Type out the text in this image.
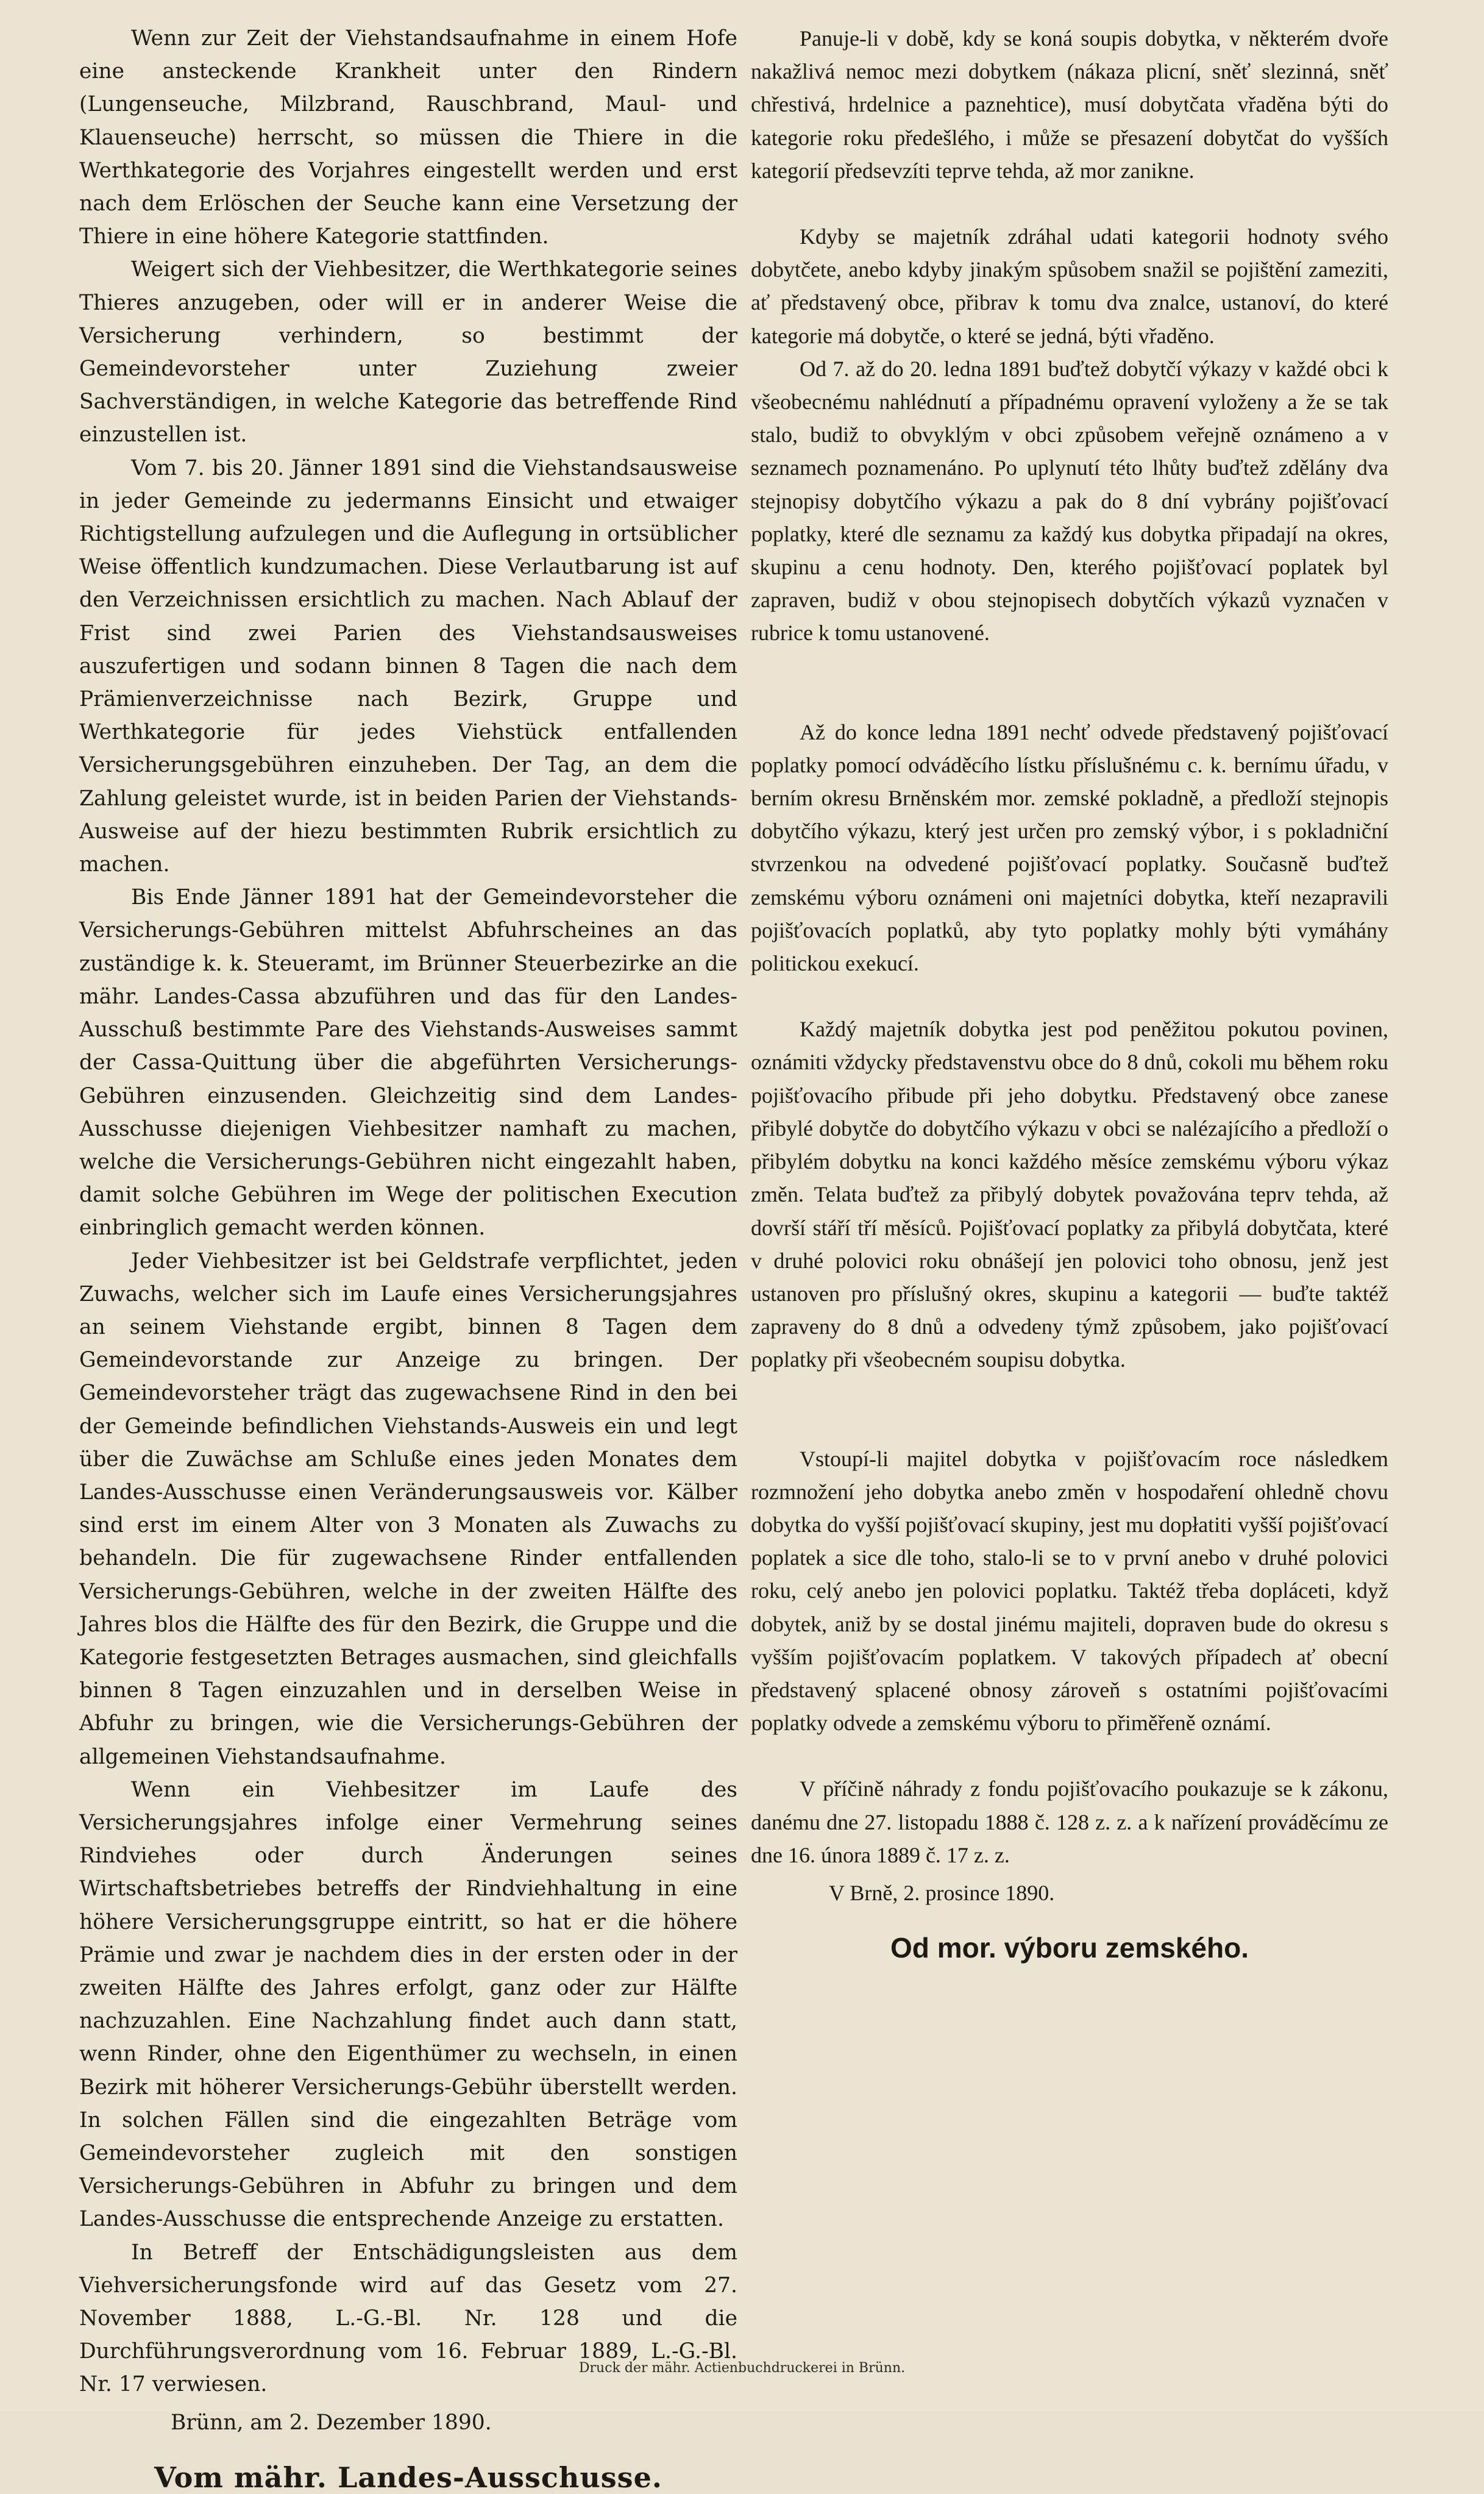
Wenn zur Zeit der Viehstandsaufnahme in einem Hofe eine ansteckende Krankheit unter den Rindern (Lungenseuche, Milzbrand, Rauschbrand, Maul- und Klauenseuche) herrscht, so müssen die Thiere in die Werthkategorie des Vorjahres eingestellt werden und erst nach dem Erlöschen der Seuche kann eine Versetzung der Thiere in eine höhere Kategorie stattfinden.

Weigert sich der Viehbesitzer, die Werthkategorie seines Thieres anzugeben, oder will er in anderer Weise die Versicherung verhindern, so bestimmt der Gemeindevorsteher unter Zuziehung zweier Sachverständigen, in welche Kategorie das betreffende Rind einzustellen ist.

Vom 7. bis 20. Jänner 1891 sind die Viehstandsausweise in jeder Gemeinde zu jedermanns Einsicht und etwaiger Richtigstellung aufzulegen und die Auflegung in ortsüblicher Weise öffentlich kundzumachen. Diese Verlautbarung ist auf den Verzeichnissen ersichtlich zu machen. Nach Ablauf der Frist sind zwei Parien des Viehstandsausweises auszufertigen und sodann binnen 8 Tagen die nach dem Prämienverzeichnisse nach Bezirk, Gruppe und Werthkategorie für jedes Viehstück entfallenden Versicherungsgebühren einzuheben. Der Tag, an dem die Zahlung geleistet wurde, ist in beiden Parien der Viehstands-Ausweise auf der hiezu bestimmten Rubrik ersichtlich zu machen.

Bis Ende Jänner 1891 hat der Gemeindevorsteher die Versicherungs-Gebühren mittelst Abfuhrscheines an das zuständige k. k. Steueramt, im Brünner Steuerbezirke an die mähr. Landes-Cassa abzuführen und das für den Landes-Ausschuß bestimmte Pare des Viehstands-Ausweises sammt der Cassa-Quittung über die abgeführten Versicherungs-Gebühren einzusenden. Gleichzeitig sind dem Landes-Ausschusse diejenigen Viehbesitzer namhaft zu machen, welche die Versicherungs-Gebühren nicht eingezahlt haben, damit solche Gebühren im Wege der politischen Execution einbringlich gemacht werden können.

Jeder Viehbesitzer ist bei Geldstrafe verpflichtet, jeden Zuwachs, welcher sich im Laufe eines Versicherungsjahres an seinem Viehstande ergibt, binnen 8 Tagen dem Gemeindevorstande zur Anzeige zu bringen. Der Gemeindevorsteher trägt das zugewachsene Rind in den bei der Gemeinde befindlichen Viehstands-Ausweis ein und legt über die Zuwächse am Schluße eines jeden Monates dem Landes-Ausschusse einen Veränderungsausweis vor. Kälber sind erst im einem Alter von 3 Monaten als Zuwachs zu behandeln. Die für zugewachsene Rinder entfallenden Versicherungs-Gebühren, welche in der zweiten Hälfte des Jahres blos die Hälfte des für den Bezirk, die Gruppe und die Kategorie festgesetzten Betrages ausmachen, sind gleichfalls binnen 8 Tagen einzuzahlen und in derselben Weise in Abfuhr zu bringen, wie die Versicherungs-Gebühren der allgemeinen Viehstandsaufnahme.

Wenn ein Viehbesitzer im Laufe des Versicherungsjahres infolge einer Vermehrung seines Rindviehes oder durch Änderungen seines Wirtschaftsbetriebes betreffs der Rindviehhaltung in eine höhere Versicherungsgruppe eintritt, so hat er die höhere Prämie und zwar je nachdem dies in der ersten oder in der zweiten Hälfte des Jahres erfolgt, ganz oder zur Hälfte nachzuzahlen. Eine Nachzahlung findet auch dann statt, wenn Rinder, ohne den Eigenthümer zu wechseln, in einen Bezirk mit höherer Versicherungs-Gebühr überstellt werden. In solchen Fällen sind die eingezahlten Beträge vom Gemeindevorsteher zugleich mit den sonstigen Versicherungs-Gebühren in Abfuhr zu bringen und dem Landes-Ausschusse die entsprechende Anzeige zu erstatten.

In Betreff der Entschädigungsleisten aus dem Viehversicherungsfonde wird auf das Gesetz vom 27. November 1888, L.-G.-Bl. Nr. 128 und die Durchführungsverordnung vom 16. Februar 1889, L.-G.-Bl. Nr. 17 verwiesen.

Brünn, am 2. Dezember 1890.

Vom mähr. Landes-Ausschusse.

Panuje-li v době, kdy se koná soupis dobytka, v některém dvoře nakažlivá nemoc mezi dobytkem (nákaza plicní, sněť slezinná, sněť chřestivá, hrdelnice a paznehtice), musí dobytčata vřaděna býti do kategorie roku předešlého, i může se přesazení dobytčat do vyšších kategorií předsevzíti teprve tehda, až mor zanikne.

Kdyby se majetník zdráhal udati kategorii hodnoty svého dobytčete, anebo kdyby jinakým spůsobem snažil se pojištění zameziti, ať představený obce, přibrav k tomu dva znalce, ustanoví, do které kategorie má dobytče, o které se jedná, býti vřaděno.

Od 7. až do 20. ledna 1891 buďtež dobytčí výkazy v každé obci k všeobecnému nahlédnutí a případnému opravení vyloženy a že se tak stalo, budiž to obvyklým v obci způsobem veřejně oznámeno a v seznamech poznamenáno. Po uplynutí této lhůty buďtež zdělány dva stejnopisy dobytčího výkazu a pak do 8 dní vybrány pojišťovací poplatky, které dle seznamu za každý kus dobytka připadají na okres, skupinu a cenu hodnoty. Den, kterého pojišťovací poplatek byl zapraven, budiž v obou stejnopisech dobytčích výkazů vyznačen v rubrice k tomu ustanovené.

Až do konce ledna 1891 nechť odvede představený pojišťovací poplatky pomocí odváděcího lístku příslušnému c. k. bernímu úřadu, v berním okresu Brněnském mor. zemské pokladně, a předloží stejnopis dobytčího výkazu, který jest určen pro zemský výbor, i s pokladniční stvrzenkou na odvedené pojišťovací poplatky. Současně buďtež zemskému výboru oznámeni oni majetníci dobytka, kteří nezapravili pojišťovacích poplatků, aby tyto poplatky mohly býti vymáhány politickou exekucí.

Každý majetník dobytka jest pod peněžitou pokutou povinen, oznámiti vždycky představenstvu obce do 8 dnů, cokoli mu během roku pojišťovacího přibude při jeho dobytku. Představený obce zanese přibylé dobytče do dobytčího výkazu v obci se nalézajícího a předloží o přibylém dobytku na konci každého měsíce zemskému výboru výkaz změn. Telata buďtež za přibylý dobytek považována teprv tehda, až dovrší stáří tří měsíců. Pojišťovací poplatky za přibylá dobytčata, které v druhé polovici roku obnášejí jen polovici toho obnosu, jenž jest ustanoven pro příslušný okres, skupinu a kategorii — buďte taktéž zapraveny do 8 dnů a odvedeny týmž způsobem, jako pojišťovací poplatky při všeobecném soupisu dobytka.

Vstoupí-li majitel dobytka v pojišťovacím roce následkem rozmnožení jeho dobytka anebo změn v hospodaření ohledně chovu dobytka do vyšší pojišťovací skupiny, jest mu dopłatiti vyšší pojišťovací poplatek a sice dle toho, stalo-li se to v první anebo v druhé polovici roku, celý anebo jen polovici poplatku. Taktéž třeba dopláceti, když dobytek, aniž by se dostal jinému majiteli, dopraven bude do okresu s vyšším pojišťovacím poplatkem. V takových případech ať obecní představený splacené obnosy zároveň s ostatními pojišťovacími poplatky odvede a zemskému výboru to přiměřeně oznámí.

V příčině náhrady z fondu pojišťovacího poukazuje se k zákonu, danému dne 27. listopadu 1888 č. 128 z. z. a k nařízení prováděcímu ze dne 16. února 1889 č. 17 z. z.

V Brně, 2. prosince 1890.

Od mor. výboru zemského.
Druck der mähr. Actienbuchdruckerei in Brünn.
